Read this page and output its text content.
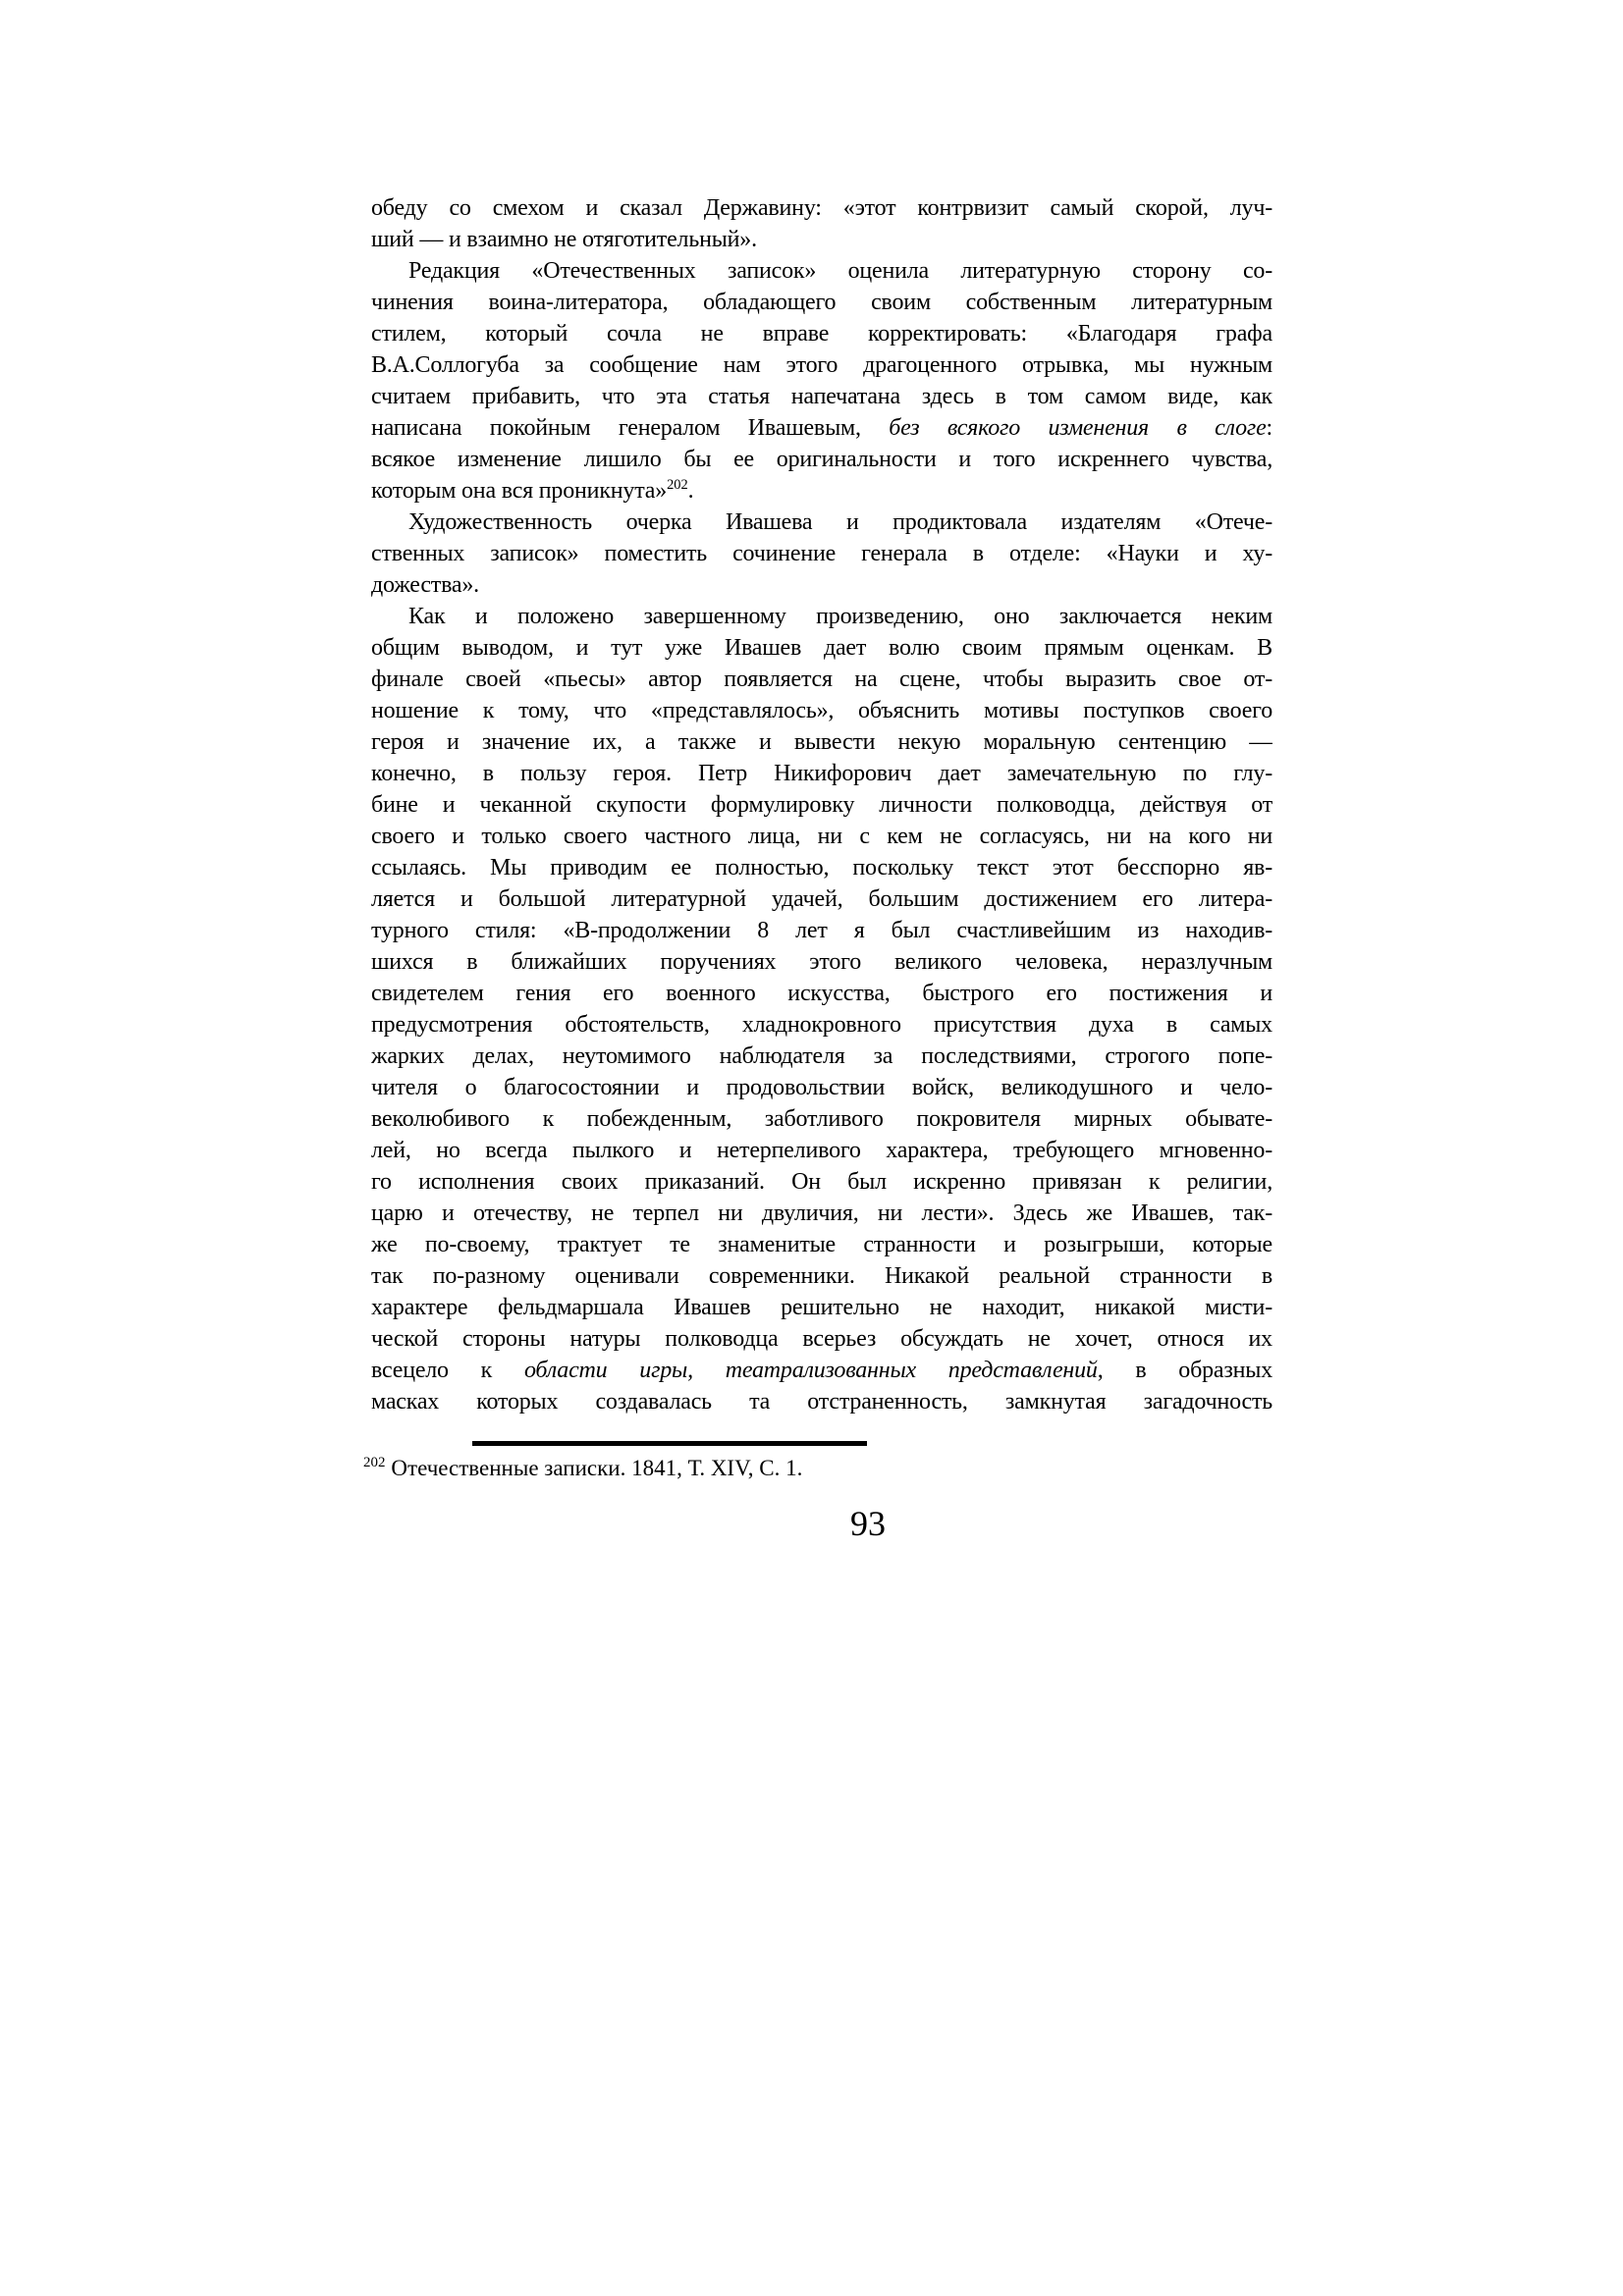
обеду со смехом и сказал Державину: «этот контрвизит самый скорой, луч-
ший — и взаимно не отяготительный».
Редакция «Отечественных записок» оценила литературную сторону со-
чинения воина-литератора, обладающего своим собственным литературным
стилем, который сочла не вправе корректировать: «Благодаря графа
В.А.Соллогуба за сообщение нам этого драгоценного отрывка, мы нужным
считаем прибавить, что эта статья напечатана здесь в том самом виде, как
написана покойным генералом Ивашевым, без всякого изменения в слоге:
всякое изменение лишило бы ее оригинальности и того искреннего чувства,
которым она вся проникнута»$^{202}$.
Художественность очерка Ивашева и продиктовала издателям «Отече-
ственных записок» поместить сочинение генерала в отделе: «Науки и ху-
дожества».
Как и положено завершенному произведению, оно заключается неким
общим выводом, и тут уже Ивашев дает волю своим прямым оценкам. В
финале своей «пьесы» автор появляется на сцене, чтобы выразить свое от-
ношение к тому, что «представлялось», объяснить мотивы поступков своего
героя и значение их, а также и вывести некую моральную сентенцию —
конечно, в пользу героя. Петр Никифорович дает замечательную по глу-
бине и чеканной скупости формулировку личности полководца, действуя от
своего и только своего частного лица, ни с кем не согласуясь, ни на кого ни
ссылаясь. Мы приводим ее полностью, поскольку текст этот бесспорно яв-
ляется и большой литературной удачей, большим достижением его литера-
турного стиля: «В-продолжении 8 лет я был счастливейшим из находив-
шихся в ближайших поручениях этого великого человека, неразлучным
свидетелем гения его военного искусства, быстрого его постижения и
предусмотрения обстоятельств, хладнокровного присутствия духа в самых
жарких делах, неутомимого наблюдателя за последствиями, строгого попе-
чителя о благосостоянии и продовольствии войск, великодушного и чело-
веколюбивого к побежденным, заботливого покровителя мирных обывате-
лей, но всегда пылкого и нетерпеливого характера, требующего мгновенно-
го исполнения своих приказаний. Он был искренно привязан к религии,
царю и отечеству, не терпел ни двуличия, ни лести». Здесь же Ивашев, так-
же по-своему, трактует те знаменитые странности и розыгрыши, которые
так по-разному оценивали современники. Никакой реальной странности в
характере фельдмаршала Ивашев решительно не находит, никакой мисти-
ческой стороны натуры полководца всерьез обсуждать не хочет, относя их
всецело к области игры, театрализованных представлений, в образных
масках которых создавалась та отстраненность, замкнутая загадочность
$^{202}$ Отечественные записки. 1841, Т. XIV, С. 1.
93
